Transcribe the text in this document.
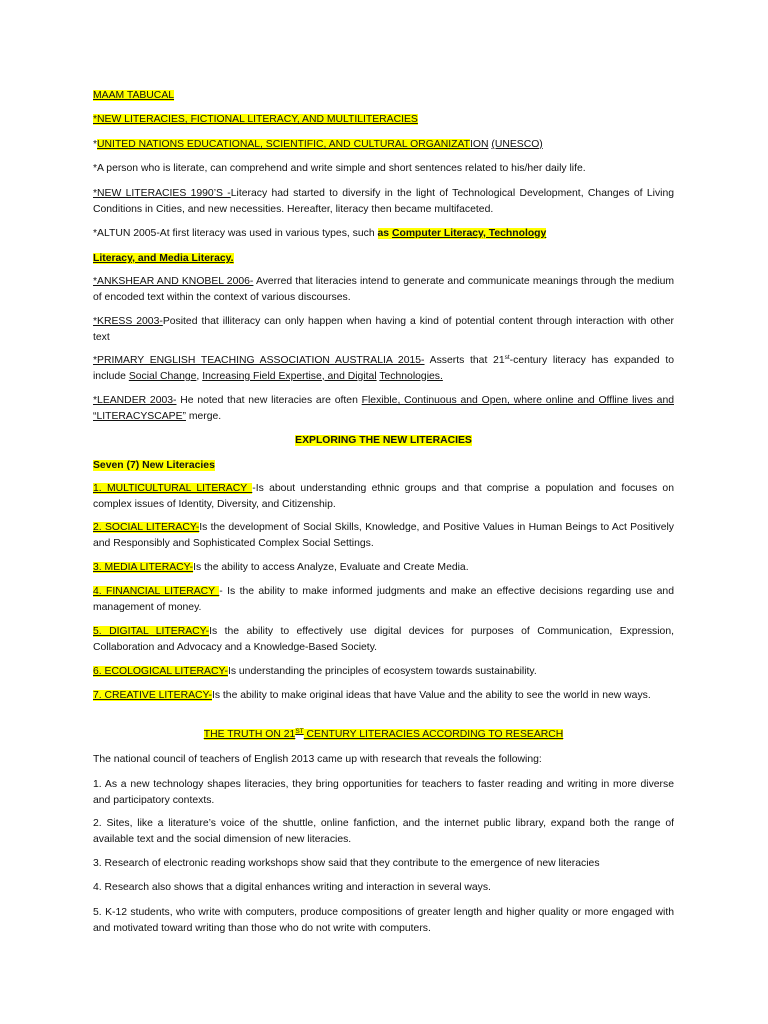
MAAM TABUCAL

*NEW LITERACIES, FICTIONAL LITERACY, AND MULTILITERACIES

*UNITED NATIONS EDUCATIONAL, SCIENTIFIC, AND CULTURAL ORGANIZATION (UNESCO)

*A person who is literate, can comprehend and write simple and short sentences related to his/her daily life.

*NEW LITERACIES 1990’S -Literacy had started to diversify in the light of Technological Development, Changes of Living Conditions in Cities, and new necessities. Hereafter, literacy then became multifaceted.

*ALTUN 2005-At first literacy was used in various types, such as Computer Literacy, Technology

Literacy, and Media Literacy.

*ANKSHEAR AND KNOBEL 2006- Averred that literacies intend to generate and communicate meanings through the medium of encoded text within the context of various discourses.

*KRESS 2003-Posited that illiteracy can only happen when having a kind of potential content through interaction with other text

*PRIMARY ENGLISH TEACHING ASSOCIATION AUSTRALIA 2015- Asserts that 21st-century literacy has expanded to include Social Change, Increasing Field Expertise, and Digital Technologies.

*LEANDER 2003- He noted that new literacies are often Flexible, Continuous and Open, where online and Offline lives and “LITERACYSCAPE” merge.

EXPLORING THE NEW LITERACIES

Seven (7) New Literacies

1. MULTICULTURAL LITERACY -Is about understanding ethnic groups and that comprise a population and focuses on complex issues of Identity, Diversity, and Citizenship.

2. SOCIAL LITERACY-Is the development of Social Skills, Knowledge, and Positive Values in Human Beings to Act Positively and Responsibly and Sophisticated Complex Social Settings.

3. MEDIA LITERACY-Is the ability to access Analyze, Evaluate and Create Media.

4. FINANCIAL LITERACY - Is the ability to make informed judgments and make an effective decisions regarding use and management of money.

5. DIGITAL LITERACY-Is the ability to effectively use digital devices for purposes of Communication, Expression, Collaboration and Advocacy and a Knowledge-Based Society.

6. ECOLOGICAL LITERACY-Is understanding the principles of ecosystem towards sustainability.

7. CREATIVE LITERACY-Is the ability to make original ideas that have Value and the ability to see the world in new ways.

THE TRUTH ON 21ST CENTURY LITERACIES ACCORDING TO RESEARCH

The national council of teachers of English 2013 came up with research that reveals the following:

1. As a new technology shapes literacies, they bring opportunities for teachers to faster reading and writing in more diverse and participatory contexts.

2. Sites, like a literature’s voice of the shuttle, online fanfiction, and the internet public library, expand both the range of available text and the social dimension of new literacies.

3. Research of electronic reading workshops show said that they contribute to the emergence of new literacies

4. Research also shows that a digital enhances writing and interaction in several ways.

5. K-12 students, who write with computers, produce compositions of greater length and higher quality or more engaged with and motivated toward writing than those who do not write with computers.
